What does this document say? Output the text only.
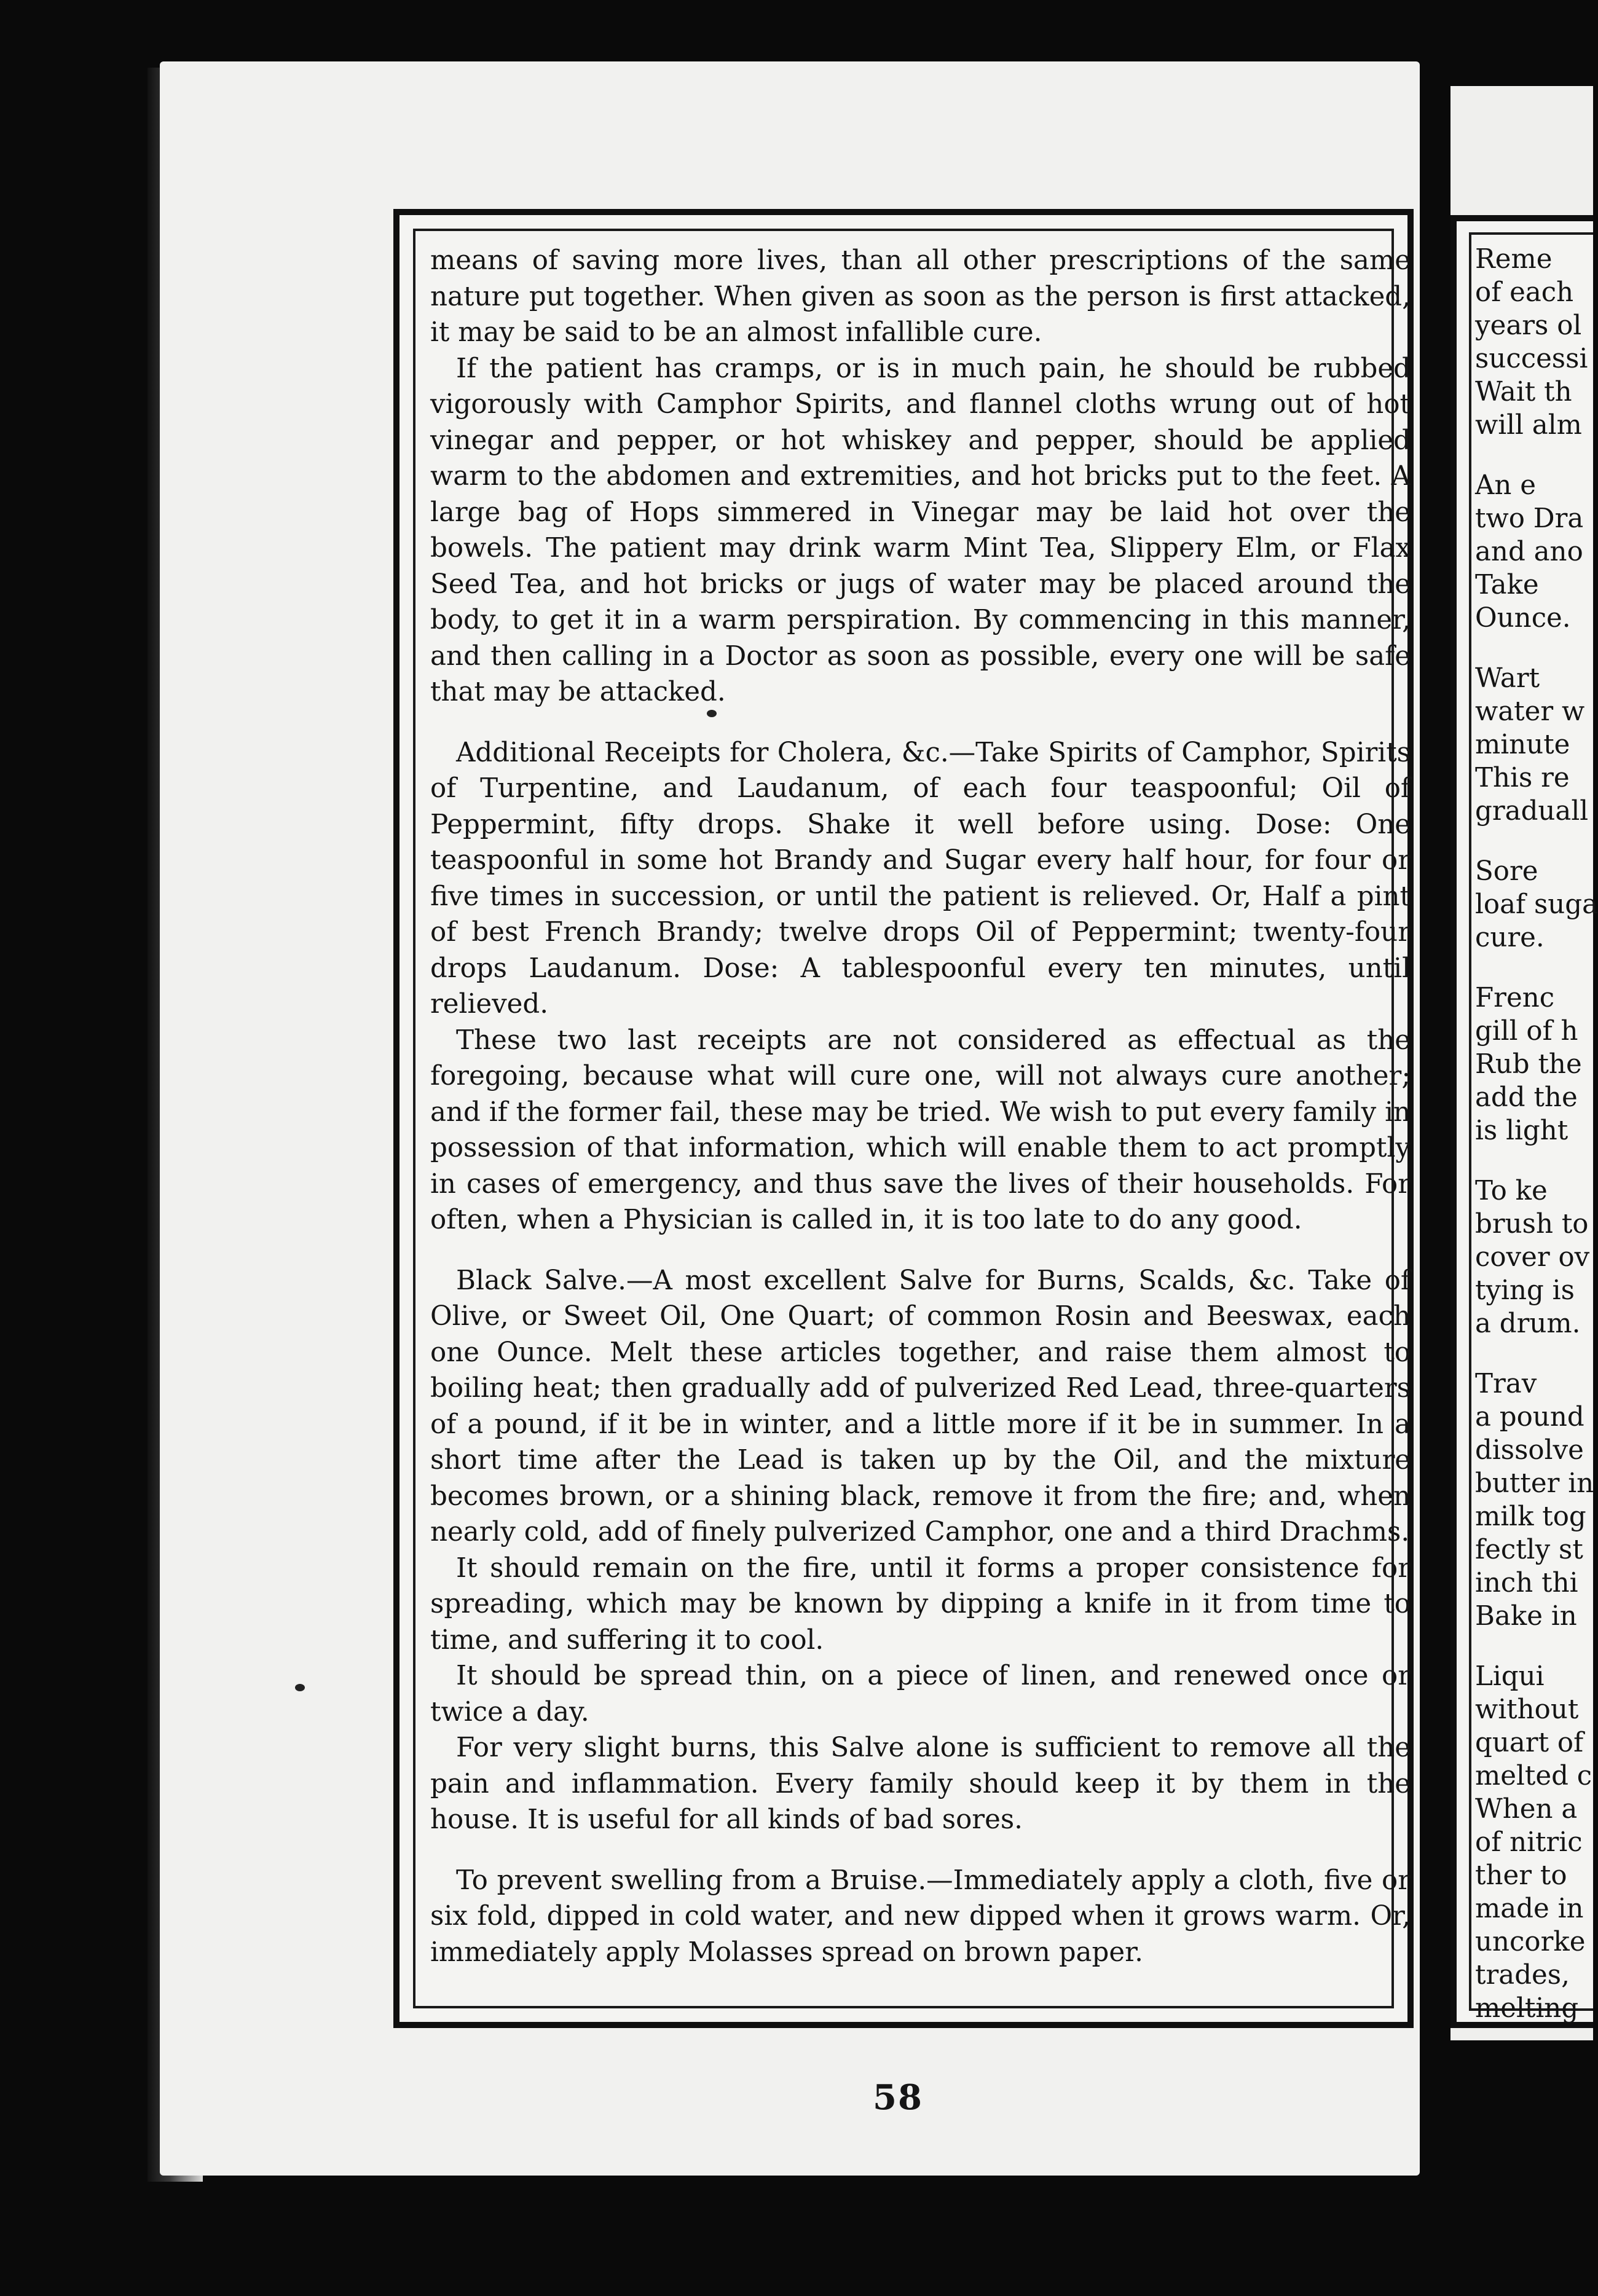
means of saving more lives, than all other prescriptions of the same nature put together. When given as soon as the person is first attacked, it may be said to be an almost infallible cure.

If the patient has cramps, or is in much pain, he should be rubbed vigorously with Camphor Spirits, and flannel cloths wrung out of hot vinegar and pepper, or hot whiskey and pepper, should be applied warm to the abdomen and extremities, and hot bricks put to the feet. A large bag of Hops simmered in Vinegar may be laid hot over the bowels. The patient may drink warm Mint Tea, Slippery Elm, or Flax Seed Tea, and hot bricks or jugs of water may be placed around the body, to get it in a warm perspiration. By commencing in this manner, and then calling in a Doctor as soon as possible, every one will be safe that may be attacked.

Additional Receipts for Cholera, &c.—Take Spirits of Camphor, Spirits of Turpentine, and Laudanum, of each four teaspoonful; Oil of Peppermint, fifty drops. Shake it well before using. Dose: One teaspoonful in some hot Brandy and Sugar every half hour, for four or five times in succession, or until the patient is relieved. Or, Half a pint of best French Brandy; twelve drops Oil of Peppermint; twenty-four drops Laudanum. Dose: A tablespoonful every ten minutes, until relieved.

These two last receipts are not considered as effectual as the foregoing, because what will cure one, will not always cure another; and if the former fail, these may be tried. We wish to put every family in possession of that information, which will enable them to act promptly in cases of emergency, and thus save the lives of their households. For often, when a Physician is called in, it is too late to do any good.

Black Salve.—A most excellent Salve for Burns, Scalds, &c. Take of Olive, or Sweet Oil, One Quart; of common Rosin and Beeswax, each one Ounce. Melt these articles together, and raise them almost to boiling heat; then gradually add of pulverized Red Lead, three-quarters of a pound, if it be in winter, and a little more if it be in summer. In a short time after the Lead is taken up by the Oil, and the mixture becomes brown, or a shining black, remove it from the fire; and, when nearly cold, add of finely pulverized Camphor, one and a third Drachms.

It should remain on the fire, until it forms a proper consistence for spreading, which may be known by dipping a knife in it from time to time, and suffering it to cool.

It should be spread thin, on a piece of linen, and renewed once or twice a day.

For very slight burns, this Salve alone is sufficient to remove all the pain and inflammation. Every family should keep it by them in the house. It is useful for all kinds of bad sores.

To prevent swelling from a Bruise.—Immediately apply a cloth, five or six fold, dipped in cold water, and new dipped when it grows warm. Or, immediately apply Molasses spread on brown paper.

Reme
of each
years ol
successi
Wait th
will alm
An e
two Dra
and ano
Take
Ounce.
Wart
water w
minute
This re
graduall
Sore
loaf suga
cure.
Frenc
gill of h
Rub the
add the
is light
To ke
brush to
cover ov
tying is
a drum.
Trav
a pound
dissolve
butter in
milk tog
fectly st
inch thi
Bake in
Liqui
without
quart of
melted c
When a
of nitric
ther to
made in
uncorke
trades,
melting
58
